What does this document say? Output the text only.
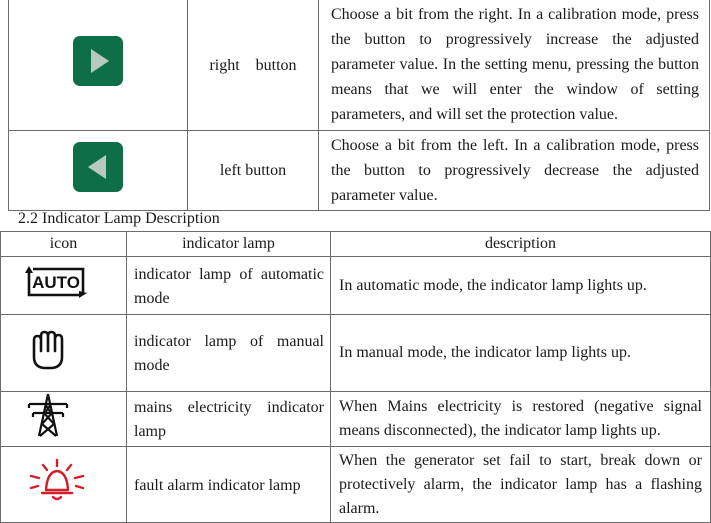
	right    button	Choose a bit from the right. In a calibration mode, press the button to progressively increase the adjusted parameter value. In the setting menu, pressing the button means that we will enter the window of setting parameters, and will set the protection value.

	left button	Choose a bit from the left. In a calibration mode, press the button to progressively decrease the adjusted parameter value.
2.2 Indicator Lamp Description
icon	indicator lamp	description

AUTO	indicator lamp of automatic mode	In automatic mode, the indicator lamp lights up.
	indicator lamp of manual mode	In manual mode, the indicator lamp lights up.
	mains electricity indicator lamp	When Mains electricity is restored (negative signal means disconnected), the indicator lamp lights up.
	fault alarm indicator lamp	When the generator set fail to start, break down or protectively alarm, the indicator lamp has a flashing alarm.
